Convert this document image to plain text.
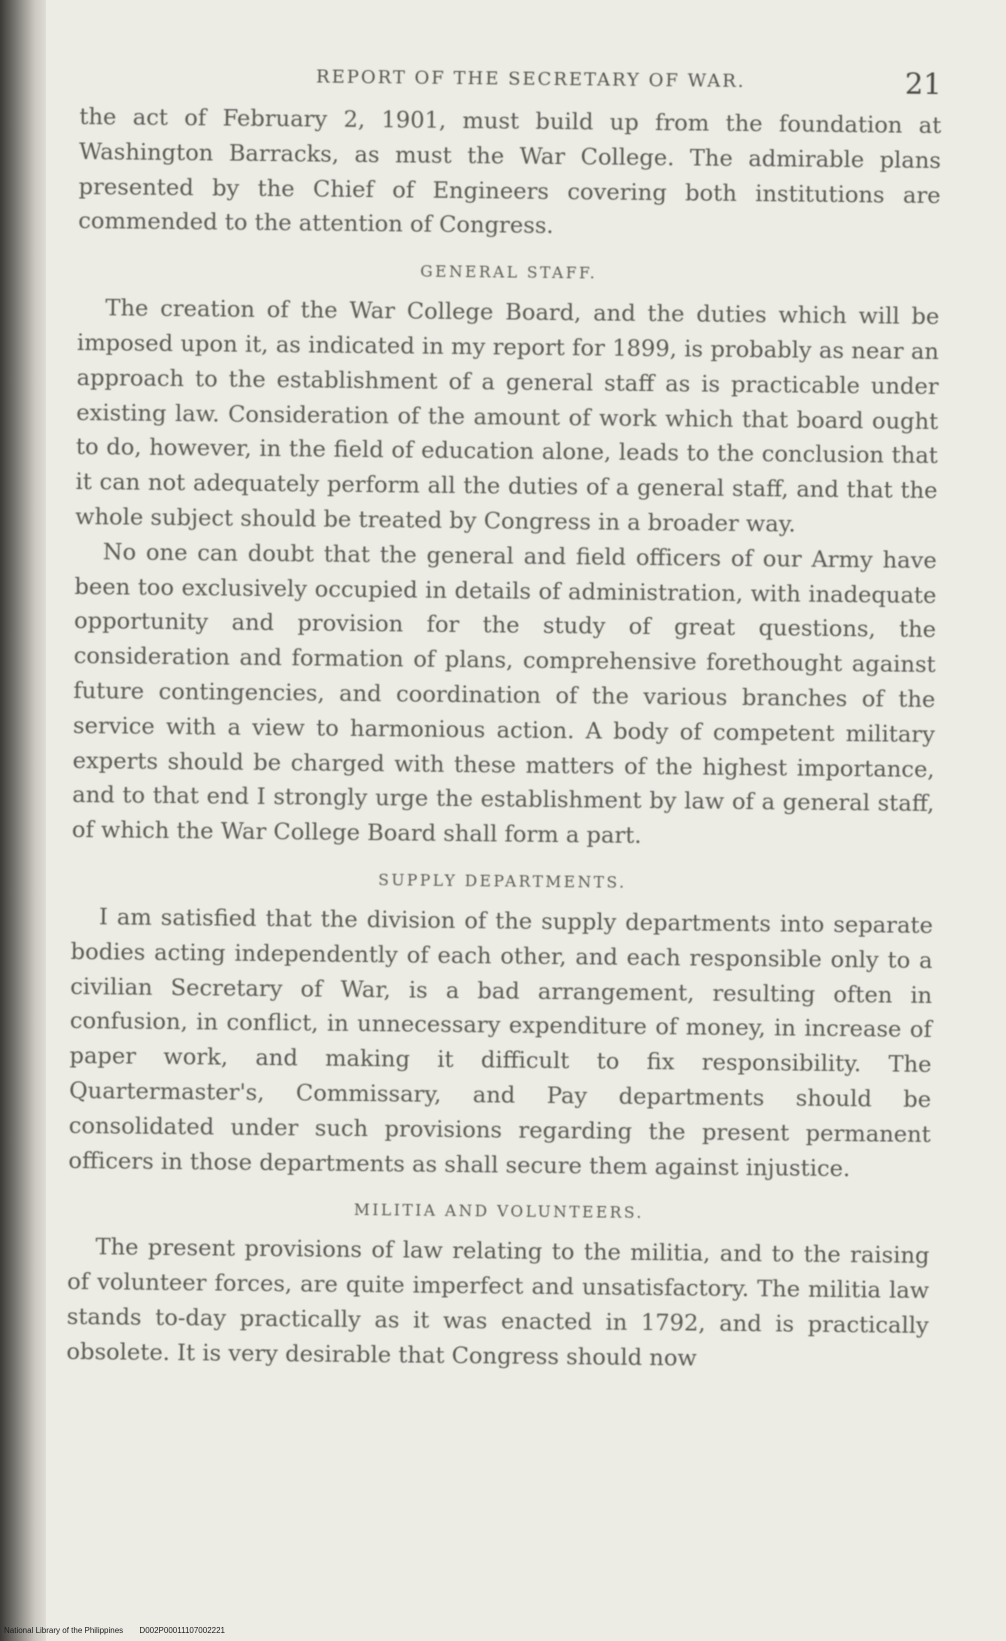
REPORT OF THE SECRETARY OF WAR.	21

the act of February 2, 1901, must build up from the foundation at Washington Barracks, as must the War College. The admirable plans presented by the Chief of Engineers covering both institutions are commended to the attention of Congress.

GENERAL STAFF.

The creation of the War College Board, and the duties which will be imposed upon it, as indicated in my report for 1899, is probably as near an approach to the establishment of a general staff as is practicable under existing law. Consideration of the amount of work which that board ought to do, however, in the field of education alone, leads to the conclusion that it can not adequately perform all the duties of a general staff, and that the whole subject should be treated by Congress in a broader way.

No one can doubt that the general and field officers of our Army have been too exclusively occupied in details of administration, with inadequate opportunity and provision for the study of great questions, the consideration and formation of plans, comprehensive forethought against future contingencies, and coordination of the various branches of the service with a view to harmonious action. A body of competent military experts should be charged with these matters of the highest importance, and to that end I strongly urge the establishment by law of a general staff, of which the War College Board shall form a part.

SUPPLY DEPARTMENTS.

I am satisfied that the division of the supply departments into separate bodies acting independently of each other, and each responsible only to a civilian Secretary of War, is a bad arrangement, resulting often in confusion, in conflict, in unnecessary expenditure of money, in increase of paper work, and making it difficult to fix responsibility. The Quartermaster's, Commissary, and Pay departments should be consolidated under such provisions regarding the present permanent officers in those departments as shall secure them against injustice.

MILITIA AND VOLUNTEERS.

The present provisions of law relating to the militia, and to the raising of volunteer forces, are quite imperfect and unsatisfactory. The militia law stands to-day practically as it was enacted in 1792, and is practically obsolete. It is very desirable that Congress should now

National Library of the Philippines D002P00011107002221
